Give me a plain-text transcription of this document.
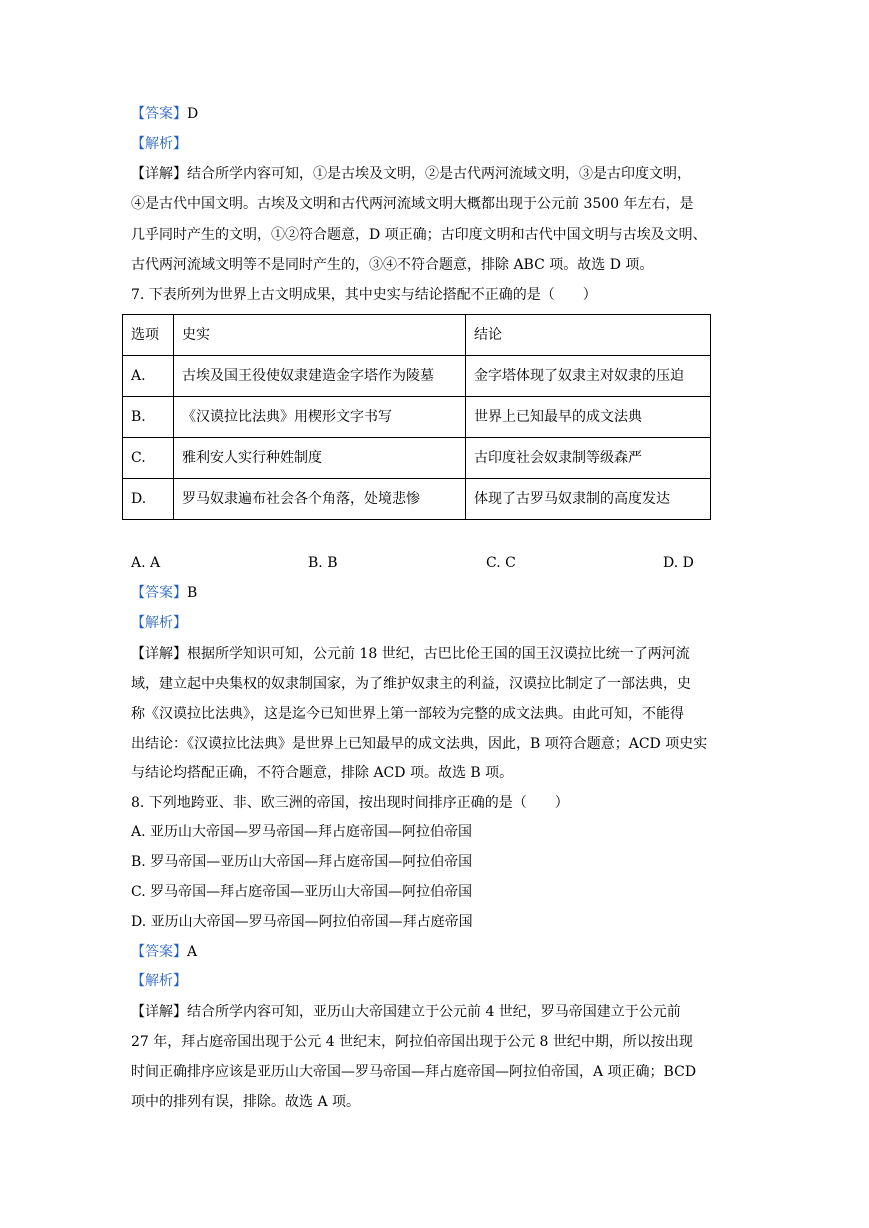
【答案】D
【解析】
【详解】结合所学内容可知，①是古埃及文明，②是古代两河流域文明，③是古印度文明，
④是古代中国文明。古埃及文明和古代两河流域文明大概都出现于公元前 3500 年左右，是
几乎同时产生的文明，①②符合题意，D 项正确；古印度文明和古代中国文明与古埃及文明、
古代两河流域文明等不是同时产生的，③④不符合题意，排除 ABC 项。故选 D 项。
7. 下表所列为世界上古文明成果，其中史实与结论搭配不正确的是（　　）
选项	史实	结论
A.	古埃及国王役使奴隶建造金字塔作为陵墓	金字塔体现了奴隶主对奴隶的压迫
B.	《汉谟拉比法典》用楔形文字书写	世界上已知最早的成文法典
C.	雅利安人实行种姓制度	古印度社会奴隶制等级森严
D.	罗马奴隶遍布社会各个角落，处境悲惨	体现了古罗马奴隶制的高度发达
A. A	B. B	C. C	D. D
【答案】B
【解析】
【详解】根据所学知识可知，公元前 18 世纪，古巴比伦王国的国王汉谟拉比统一了两河流
域，建立起中央集权的奴隶制国家，为了维护奴隶主的利益，汉谟拉比制定了一部法典，史
称《汉谟拉比法典》，这是迄今已知世界上第一部较为完整的成文法典。由此可知，不能得
出结论：《汉谟拉比法典》是世界上已知最早的成文法典，因此，B 项符合题意；ACD 项史实
与结论均搭配正确，不符合题意，排除 ACD 项。故选 B 项。
8. 下列地跨亚、非、欧三洲的帝国，按出现时间排序正确的是（　　）
A. 亚历山大帝国—罗马帝国—拜占庭帝国—阿拉伯帝国
B. 罗马帝国—亚历山大帝国—拜占庭帝国—阿拉伯帝国
C. 罗马帝国—拜占庭帝国—亚历山大帝国—阿拉伯帝国
D. 亚历山大帝国—罗马帝国—阿拉伯帝国—拜占庭帝国
【答案】A
【解析】
【详解】结合所学内容可知，亚历山大帝国建立于公元前 4 世纪，罗马帝国建立于公元前
27 年，拜占庭帝国出现于公元 4 世纪末，阿拉伯帝国出现于公元 8 世纪中期，所以按出现
时间正确排序应该是亚历山大帝国—罗马帝国—拜占庭帝国—阿拉伯帝国，A 项正确；BCD
项中的排列有误，排除。故选 A 项。
